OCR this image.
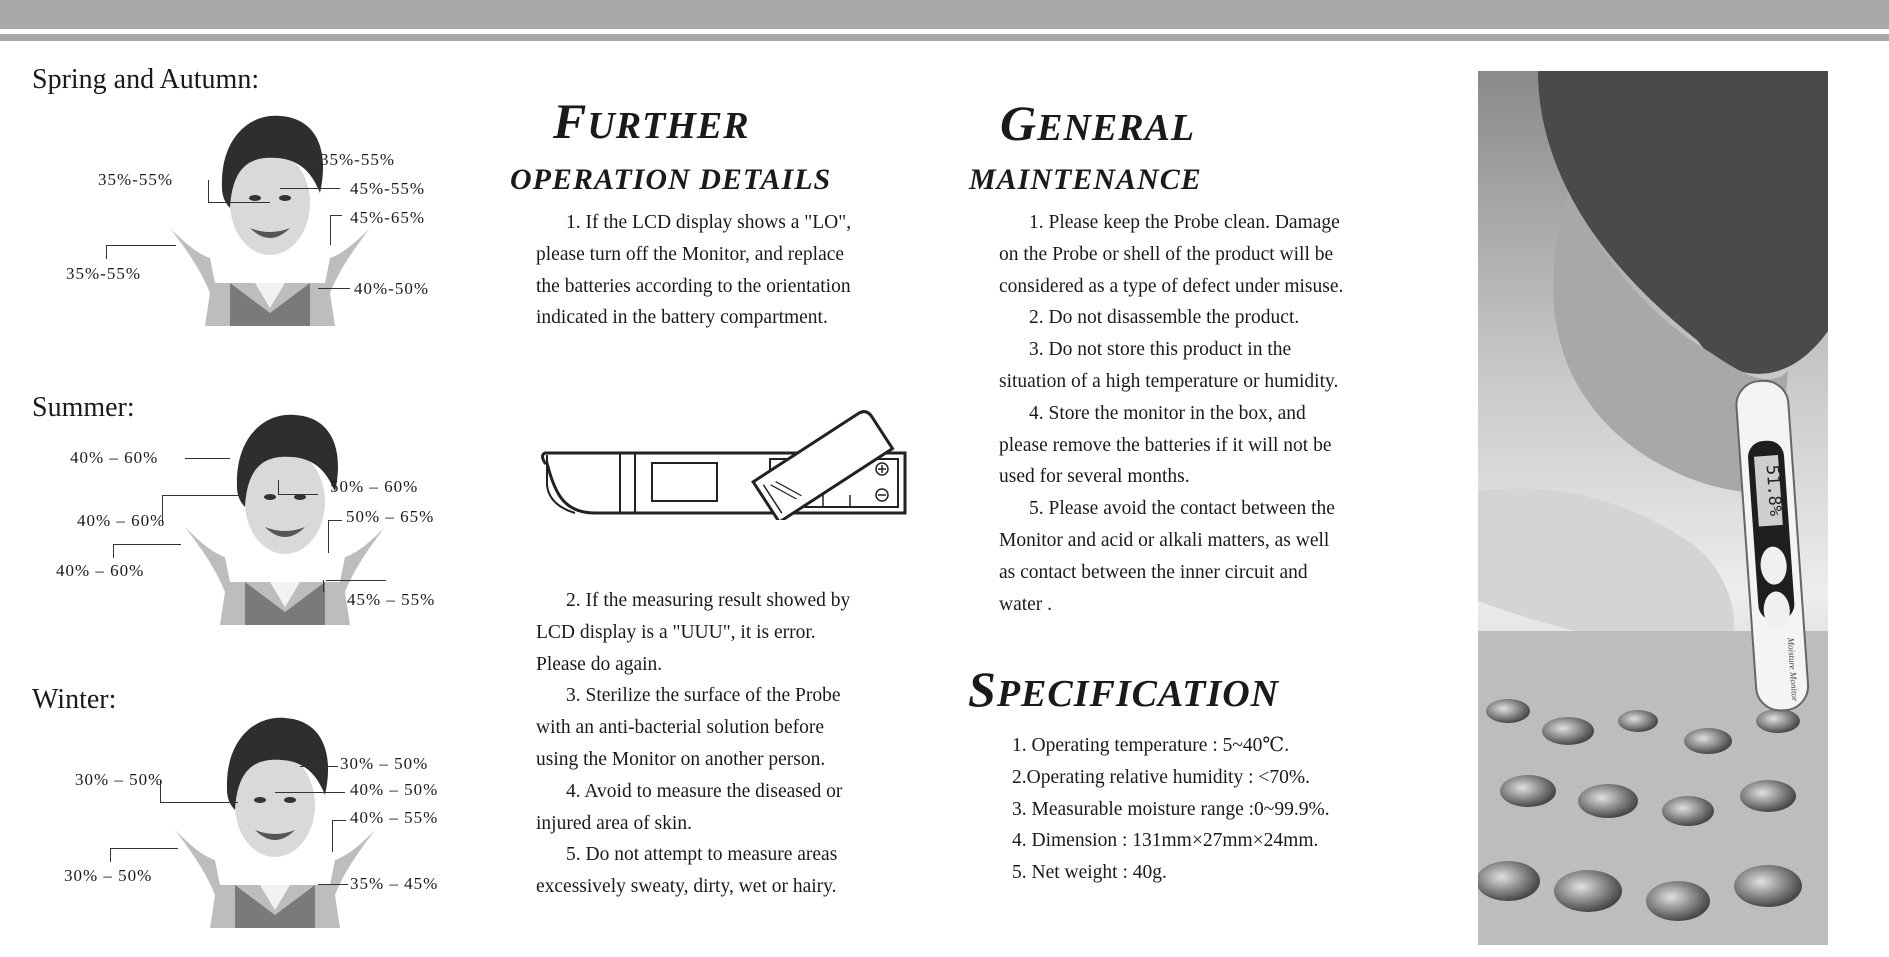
Spring and Autumn:
35%-55%
35%-55%
45%-55%
45%-65%
35%-55%
40%-50%
Summer:
40% – 60%
50% – 60%
40% – 60%	50% – 65%
40% – 60%
45% – 55%
Winter:
30% – 50%
30% – 50%
40% – 50%
40% – 55%
30% – 50%	35% – 45%
FURTHER
OPERATION DETAILS

1. If the LCD display shows a "LO",

please turn off the Monitor, and replace

the batteries according to the orientation

indicated in the battery compartment.

2. If the measuring result showed by

LCD display is a "UUU", it is error.

Please do again.

3. Sterilize the surface of the Probe

with an anti-bacterial solution before

using the Monitor on another person.

4. Avoid to measure the diseased or

injured area of skin.

5. Do not attempt to measure areas

excessively sweaty, dirty, wet or hairy.

GENERAL
MAINTENANCE

1. Please keep the Probe clean. Damage

on the Probe or shell of the product will be

considered as a type of defect under misuse.

2. Do not disassemble the product.

3. Do not store this product in the

situation of a high temperature or humidity.

4. Store the monitor in the box, and

please remove the batteries if it will not be

used for several months.

5. Please avoid the contact between the

Monitor and acid or alkali matters, as well

as contact between the inner circuit and

water .

SPECIFICATION

1. Operating temperature : 5~40℃.

2.Operating relative humidity : <70%.

3. Measurable moisture range :0~99.9%.

4. Dimension : 131mm×27mm×24mm.

5. Net weight : 40g.

51.8%
Moisture Monitor
